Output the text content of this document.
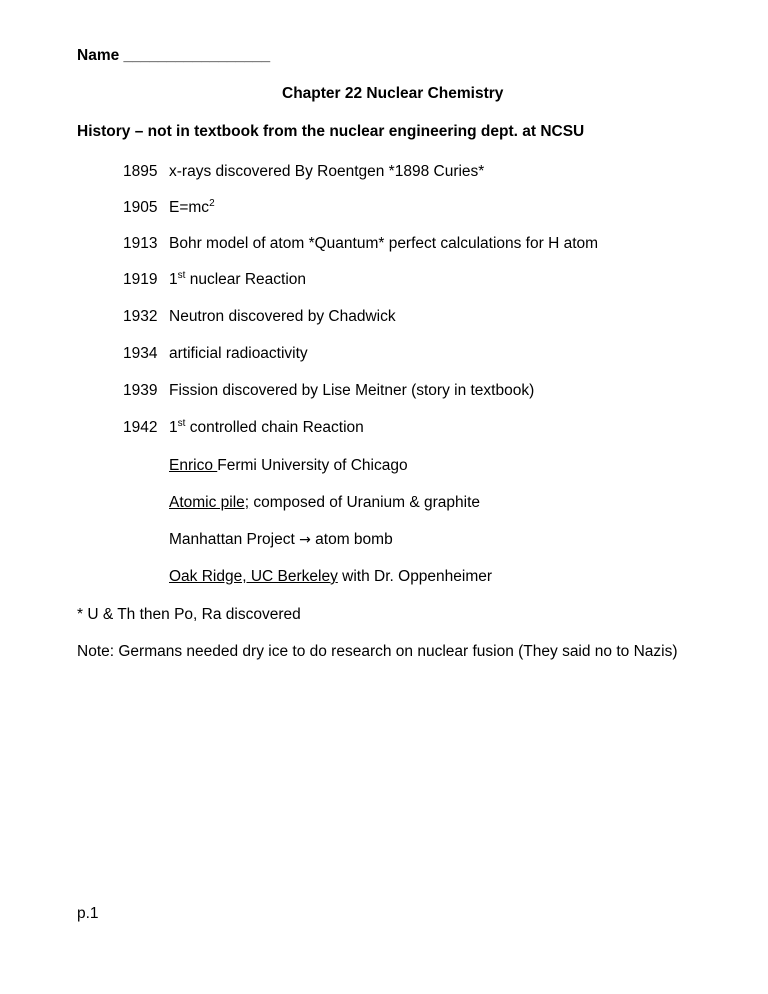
Name _________________
Chapter 22 Nuclear Chemistry
History – not in textbook from the nuclear engineering dept. at NCSU
1895 x-rays discovered By Roentgen *1898 Curies*
1905 $E=mc^2$
1913 Bohr model of atom *Quantum* perfect calculations for H atom
1919 1st nuclear Reaction
1932 Neutron discovered by Chadwick
1934 artificial radioactivity
1939 Fission discovered by Lise Meitner (story in textbook)
1942 1st controlled chain Reaction
Enrico Fermi University of Chicago
Atomic pile; composed of Uranium & graphite
Manhattan Project → atom bomb
Oak Ridge, UC Berkeley with Dr. Oppenheimer
* U & Th then Po, Ra discovered
Note: Germans needed dry ice to do research on nuclear fusion (They said no to Nazis)
p.1
